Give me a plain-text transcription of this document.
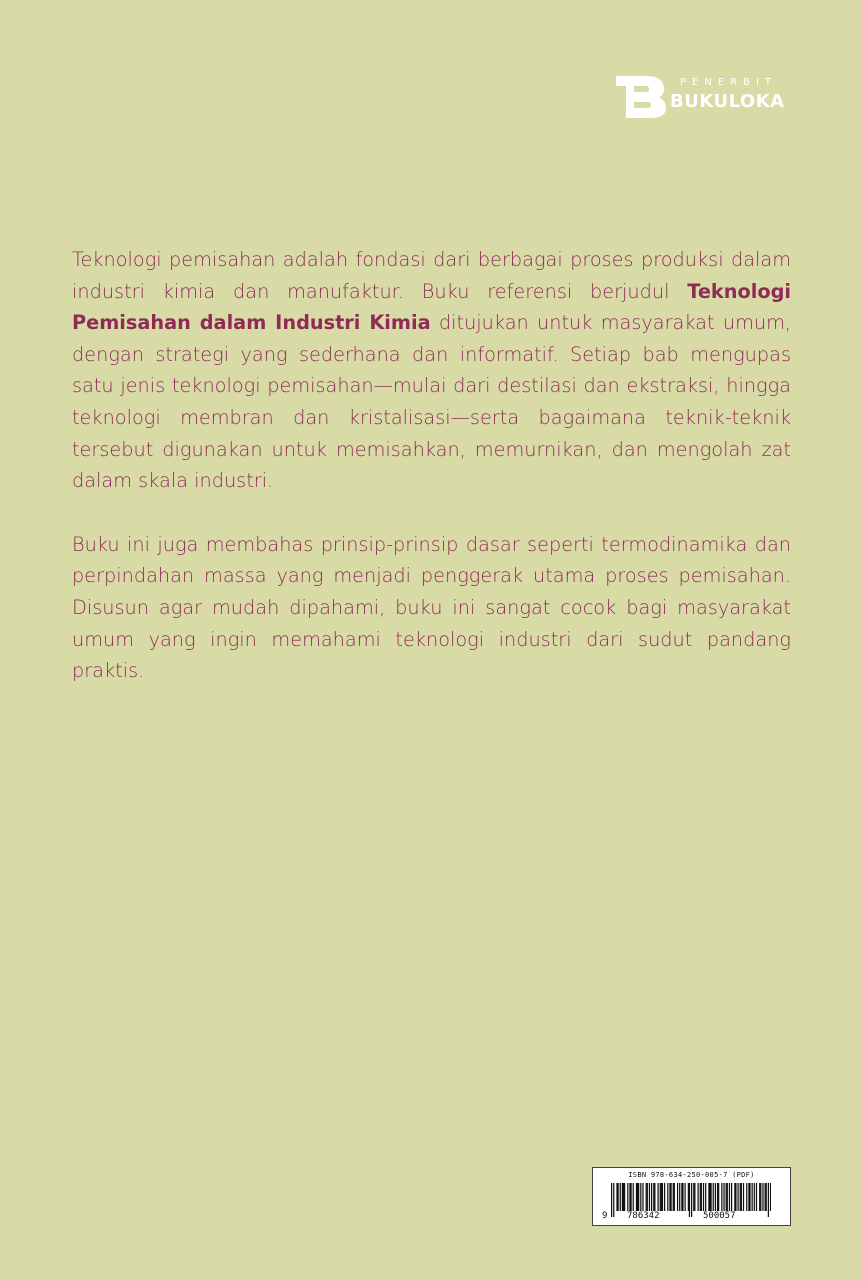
PENERBIT
BUKULOKA

Teknologi pemisahan adalah fondasi dari berbagai proses produksi dalam industri kimia dan manufaktur. Buku referensi berjudul Teknologi Pemisahan dalam Industri Kimia ditujukan untuk masyarakat umum, dengan strategi yang sederhana dan informatif. Setiap bab mengupas satu jenis teknologi pemisahan—mulai dari destilasi dan ekstraksi, hingga teknologi membran dan kristalisasi—serta bagaimana teknik-teknik tersebut digunakan untuk memisahkan, memurnikan, dan mengolah zat dalam skala industri.

Buku ini juga membahas prinsip-prinsip dasar seperti termodinamika dan perpindahan massa yang menjadi penggerak utama proses pemisahan. Disusun agar mudah dipahami, buku ini sangat cocok bagi masyarakat umum yang ingin memahami teknologi industri dari sudut pandang praktis.

ISBN 978-634-250-005-7 (PDF)
9 786342	500057
